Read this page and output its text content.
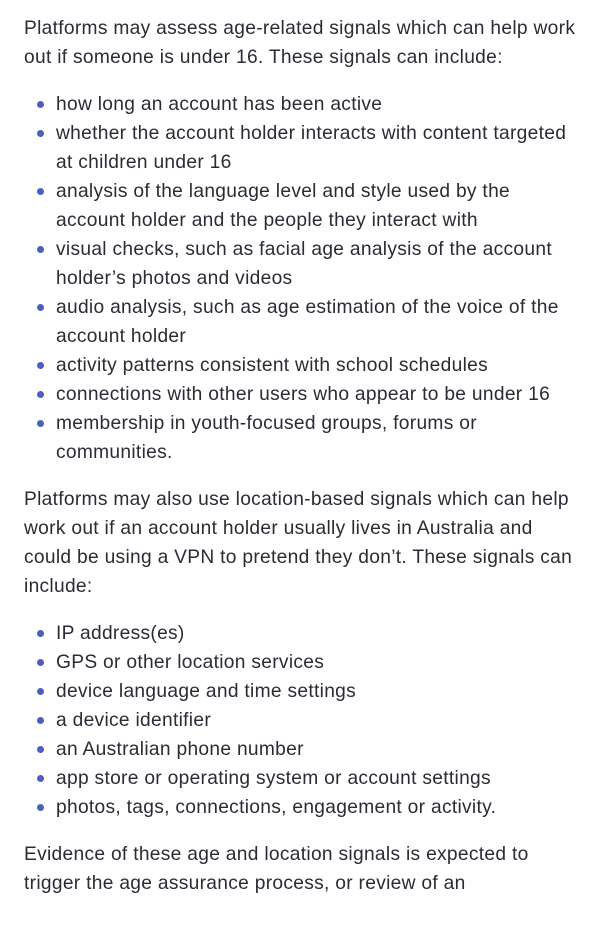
Platforms may assess age-related signals which can help work out if someone is under 16. These signals can include:

how long an account has been active
whether the account holder interacts with content targeted at children under 16
analysis of the language level and style used by the account holder and the people they interact with
visual checks, such as facial age analysis of the account holder’s photos and videos
audio analysis, such as age estimation of the voice of the account holder
activity patterns consistent with school schedules
connections with other users who appear to be under 16
membership in youth-focused groups, forums or communities.

Platforms may also use location-based signals which can help work out if an account holder usually lives in Australia and could be using a VPN to pretend they don’t. These signals can include:

IP address(es)
GPS or other location services
device language and time settings
a device identifier
an Australian phone number
app store or operating system or account settings
photos, tags, connections, engagement or activity.

Evidence of these age and location signals is expected to trigger the age assurance process, or review of an
